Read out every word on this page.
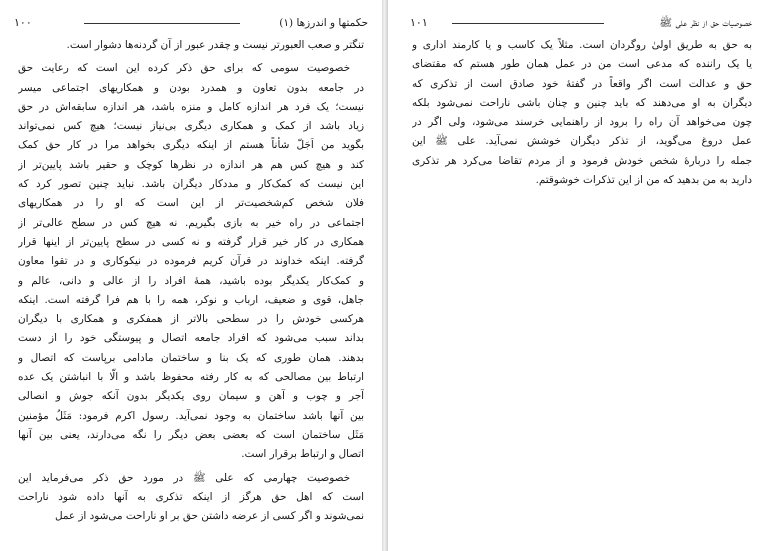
حکمتها و اندرزها (۱)
۱۰۰
تنگتر و صعب العبورتر نیست و چقدر عبور از آن گردنه‌ها دشوار است.
خصوصیت سومی که برای حق ذکر کرده این است که رعایت حق
در جامعه بدون تعاون و همدرد بودن و همکاریهای اجتماعی میسر
نیست؛ یک فرد هر اندازه کامل و منزه باشد، هر اندازه سابقه‌اش در حق
زیاد باشد از کمک و همکاری دیگری بی‌نیاز نیست؛ هیچ کس نمی‌تواند
بگوید من اَجَلّ شأناً هستم از اینکه دیگری بخواهد مرا در کار حق کمک
کند و هیچ کس هم هر اندازه در نظرها کوچک و حقیر باشد پایین‌تر از
این نیست که کمک‌کار و مددکار دیگران باشد. نباید چنین تصور کرد که
فلان شخص کم‌شخصیت‌تر از این است که او را در همکاریهای
اجتماعی در راه خیر به بازی بگیریم. نه هیچ کس در سطح عالی‌تر از
همکاری در کار خیر قرار گرفته و نه کسی در سطح پایین‌تر از اینها قرار
گرفته. اینکه خداوند در قرآن کریم فرموده در نیکوکاری و در تقوا معاون
و کمک‌کار یکدیگر بوده باشید، همهٔ افراد را از عالی و دانی، عالم و
جاهل، قوی و ضعیف، ارباب و نوکر، همه را با هم فرا گرفته است. اینکه
هرکسی خودش را در سطحی بالاتر از همفکری و همکاری با دیگران
بداند سبب می‌شود که افراد جامعه اتصال و پیوستگی خود را از دست
بدهند. همان طوری که یک بنا و ساختمان مادامی برپاست که اتصال و
ارتباط بین مصالحی که به کار رفته محفوظ باشد و الّا با انباشتن یک عده
آجر و چوب و آهن و سیمان روی یکدیگر بدون آنکه جوش و انصالی
بین آنها باشد ساختمان به وجود نمی‌آید. رسول اکرم فرمود: مَثَلُ مؤمنین
مَثَل ساختمان است که بعضی بعض دیگر را نگه می‌دارند، یعنی بین آنها
اتصال و ارتباط برقرار است.
خصوصیت چهارمی که علی ﷺ در مورد حق ذکر می‌فرماید این
است که اهل حق هرگز از اینکه تذکری به آنها داده شود ناراحت
نمی‌شوند و اگر کسی از عرضه داشتن حق بر او ناراحت می‌شود از عمل
خصوصیات حق از نظر علی ﷺ
۱۰۱
به حق به طریق اولیٰ روگردان است. مثلاً یک کاسب و یا کارمند اداری و
یا یک راننده که مدعی است من در عمل همان طور هستم که مقتضای
حق و عدالت است اگر واقعاً در گفتهٔ خود صادق است از تذکری که
دیگران به او می‌دهند که باید چنین و چنان باشی ناراحت نمی‌شود بلکه
چون می‌خواهد آن راه را برود از راهنمایی خرسند می‌شود، ولی اگر در
عمل دروغ می‌گوید، از تذکر دیگران خوشش نمی‌آید. علی ﷺ این
جمله را دربارهٔ شخص خودش فرمود و از مردم تقاضا می‌کرد هر تذکری
دارید به من بدهید که من از این تذکرات خوشوقتم.
